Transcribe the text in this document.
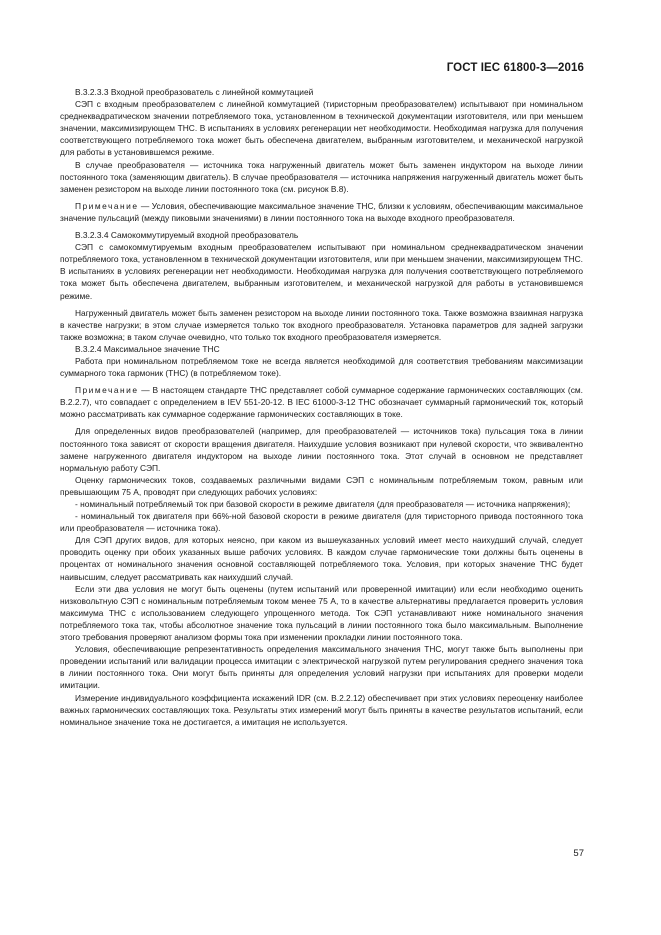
ГОСТ IEC 61800-3—2016

B.3.2.3.3 Входной преобразователь с линейной коммутацией

СЭП с входным преобразователем с линейной коммутацией (тиристорным преобразователем) испытывают при номинальном среднеквадратическом значении потребляемого тока, установленном в технической документации изготовителя, или при меньшем значении, максимизирующем THC. В испытаниях в условиях регенерации нет необходимости. Необходимая нагрузка для получения соответствующего потребляемого тока может быть обеспечена двигателем, выбранным изготовителем, и механической нагрузкой для работы в установившемся режиме.

В случае преобразователя — источника тока нагруженный двигатель может быть заменен индуктором на выходе линии постоянного тока (заменяющим двигатель). В случае преобразователя — источника напряжения нагруженный двигатель может быть заменен резистором на выходе линии постоянного тока (см. рисунок B.8).

Примечание — Условия, обеспечивающие максимальное значение THC, близки к условиям, обеспечивающим максимальное значение пульсаций (между пиковыми значениями) в линии постоянного тока на выходе входного преобразователя.

B.3.2.3.4 Самокоммутируемый входной преобразователь

СЭП с самокоммутируемым входным преобразователем испытывают при номинальном среднеквадратическом значении потребляемого тока, установленном в технической документации изготовителя, или при меньшем значении, максимизирующем THC. В испытаниях в условиях регенерации нет необходимости. Необходимая нагрузка для получения соответствующего потребляемого тока может быть обеспечена двигателем, выбранным изготовителем, и механической нагрузкой для работы в установившемся режиме.

Нагруженный двигатель может быть заменен резистором на выходе линии постоянного тока. Также возможна взаимная нагрузка в качестве нагрузки; в этом случае измеряется только ток входного преобразователя. Установка параметров для задней загрузки также возможна; в таком случае очевидно, что только ток входного преобразователя измеряется.

B.3.2.4 Максимальное значение THC

Работа при номинальном потребляемом токе не всегда является необходимой для соответствия требованиям максимизации суммарного тока гармоник (THC) (в потребляемом токе).

Примечание — В настоящем стандарте THC представляет собой суммарное содержание гармонических составляющих (см. B.2.2.7), что совпадает с определением в IEV 551-20-12. В IEC 61000-3-12 THC обозначает суммарный гармонический ток, который можно рассматривать как суммарное содержание гармонических составляющих в токе.

Для определенных видов преобразователей (например, для преобразователей — источников тока) пульсация тока в линии постоянного тока зависят от скорости вращения двигателя. Наихудшие условия возникают при нулевой скорости, что эквивалентно замене нагруженного двигателя индуктором на выходе линии постоянного тока. Этот случай в основном не представляет нормальную работу СЭП.

Оценку гармонических токов, создаваемых различными видами СЭП с номинальным потребляемым током, равным или превышающим 75 А, проводят при следующих рабочих условиях:

- номинальный потребляемый ток при базовой скорости в режиме двигателя (для преобразователя — источника напряжения);

- номинальный ток двигателя при 66%-ной базовой скорости в режиме двигателя (для тиристорного привода постоянного тока или преобразователя — источника тока).

Для СЭП других видов, для которых неясно, при каком из вышеуказанных условий имеет место наихудший случай, следует проводить оценку при обоих указанных выше рабочих условиях. В каждом случае гармонические токи должны быть оценены в процентах от номинального значения основной составляющей потребляемого тока. Условия, при которых значение THC будет наивысшим, следует рассматривать как наихудший случай.

Если эти два условия не могут быть оценены (путем испытаний или проверенной имитации) или если необходимо оценить низковольтную СЭП с номинальным потребляемым током менее 75 А, то в качестве альтернативы предлагается проверить условия максимума THC с использованием следующего упрощенного метода. Ток СЭП устанавливают ниже номинального значения потребляемого тока так, чтобы абсолютное значение тока пульсаций в линии постоянного тока было максимальным. Выполнение этого требования проверяют анализом формы тока при изменении прокладки линии постоянного тока.

Условия, обеспечивающие репрезентативность определения максимального значения THC, могут также быть выполнены при проведении испытаний или валидации процесса имитации с электрической нагрузкой путем регулирования среднего значения тока в линии постоянного тока. Они могут быть приняты для определения условий нагрузки при испытаниях для проверки модели имитации.

Измерение индивидуального коэффициента искажений IDR (см. B.2.2.12) обеспечивает при этих условиях переоценку наиболее важных гармонических составляющих тока. Результаты этих измерений могут быть приняты в качестве результатов испытаний, если номинальное значение тока не достигается, а имитация не используется.

57
